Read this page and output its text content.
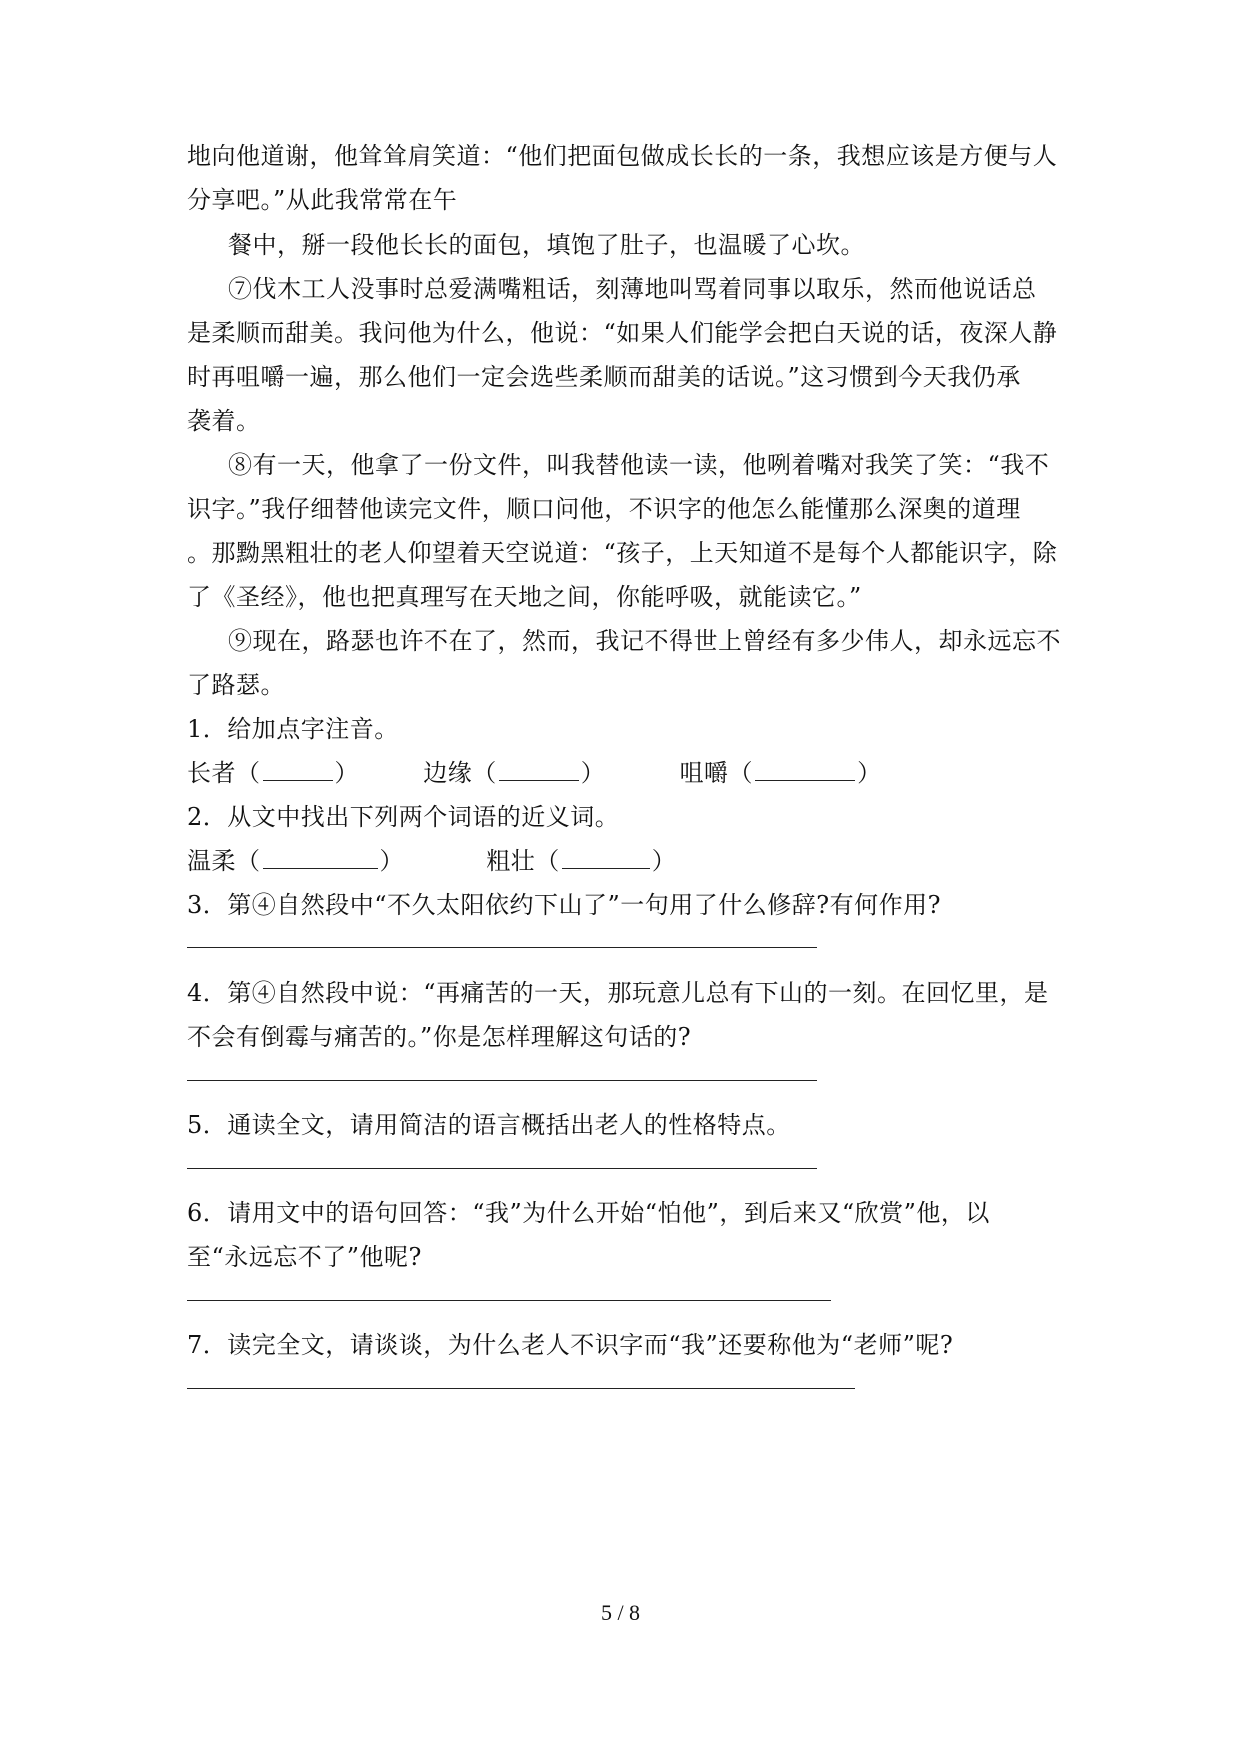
地向他道谢，他耸耸肩笑道：“他们把面包做成长长的一条，我想应该是方便与人
分享吧。”从此我常常在午
餐中，掰一段他长长的面包，填饱了肚子，也温暖了心坎。
⑦伐木工人没事时总爱满嘴粗话，刻薄地叫骂着同事以取乐，然而他说话总
是柔顺而甜美。我问他为什么，他说：“如果人们能学会把白天说的话，夜深人静
时再咀嚼一遍，那么他们一定会选些柔顺而甜美的话说。”这习惯到今天我仍承
袭着。
⑧有一天，他拿了一份文件，叫我替他读一读，他咧着嘴对我笑了笑：“我不
识字。”我仔细替他读完文件，顺口问他，不识字的他怎么能懂那么深奥的道理
。那黝黑粗壮的老人仰望着天空说道：“孩子，上天知道不是每个人都能识字，除
了《圣经》，他也把真理写在天地之间，你能呼吸，就能读它。”
⑨现在，路瑟也许不在了，然而，我记不得世上曾经有多少伟人，却永远忘不
了路瑟。
1．给加点字注音。
长者（	）	边缘（	）	咀嚼（	）
2．从文中找出下列两个词语的近义词。
温柔（	）	粗壮（	）
3．第④自然段中“不久太阳依约下山了”一句用了什么修辞?有何作用?
4．第④自然段中说：“再痛苦的一天，那玩意儿总有下山的一刻。在回忆里，是
不会有倒霉与痛苦的。”你是怎样理解这句话的?
5．通读全文，请用简洁的语言概括出老人的性格特点。
6．请用文中的语句回答：“我”为什么开始“怕他”，到后来又“欣赏”他，以
至“永远忘不了”他呢?
7．读完全文，请谈谈，为什么老人不识字而“我”还要称他为“老师”呢?
5 / 8
